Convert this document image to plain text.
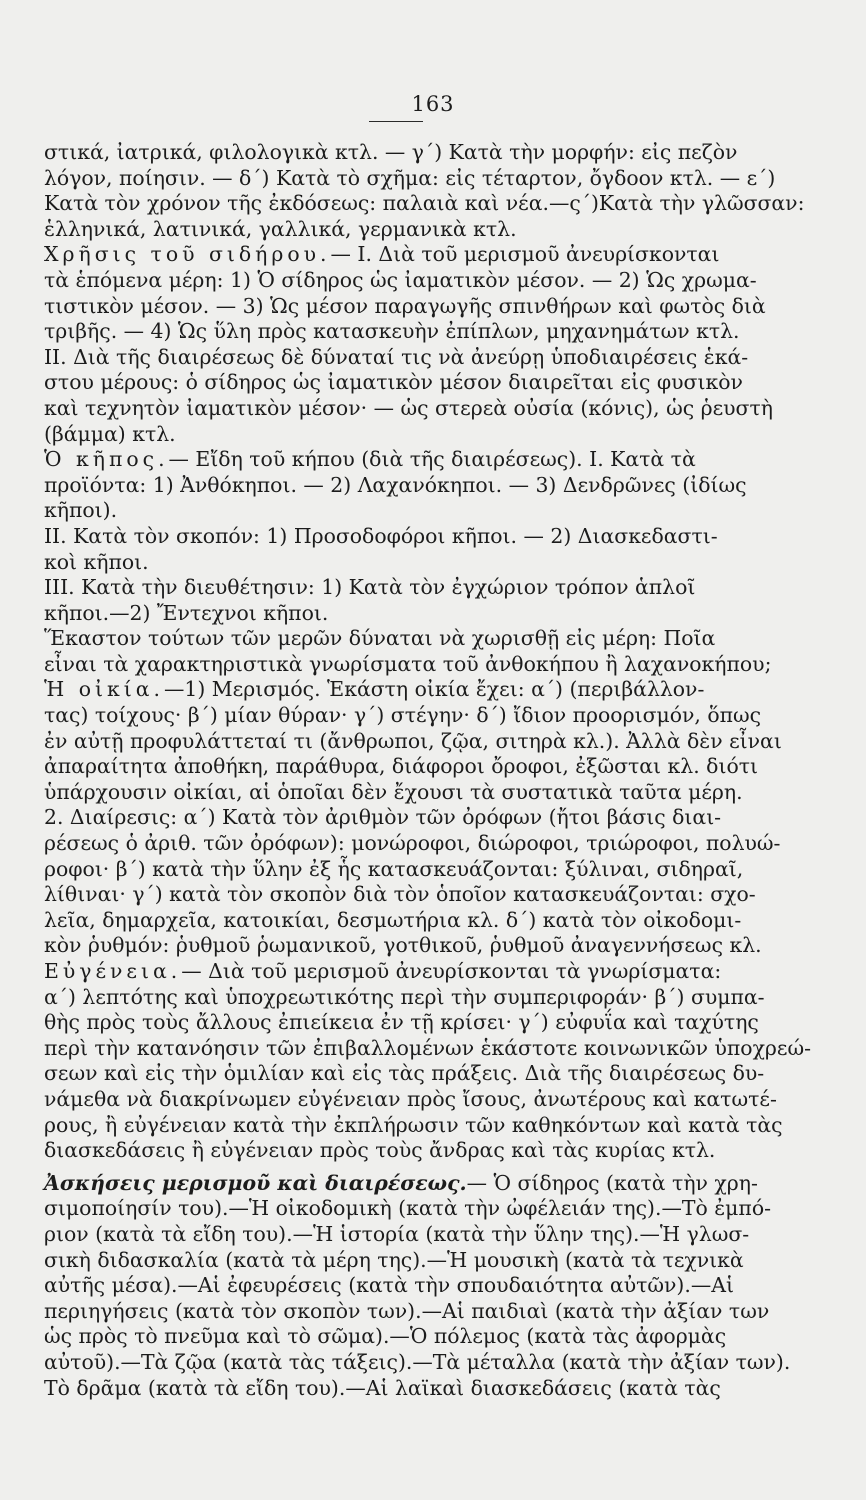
163
στικά, ἰατρικά, φιλολογικὰ κτλ. — γ΄) Κατὰ τὴν μορφήν: εἰς πεζὸν
λόγον, ποίησιν. — δ΄) Κατὰ τὸ σχῆμα: εἰς τέταρτον, ὄγδοον κτλ. — ε΄)
Κατὰ τὸν χρόνον τῆς ἐκδόσεως: παλαιὰ καὶ νέα.—ς΄)Κατὰ τὴν γλῶσσαν:
ἑλληνικά, λατινικά, γαλλικά, γερμανικὰ κτλ.
Χρῆσις τοῦ σιδήρου.— Ι. Διὰ τοῦ μερισμοῦ ἀνευρίσκονται
τὰ ἑπόμενα μέρη: 1) Ὁ σίδηρος ὡς ἰαματικὸν μέσον. — 2) Ὡς χρωμα-
τιστικὸν μέσον. — 3) Ὡς μέσον παραγωγῆς σπινθήρων καὶ φωτὸς διὰ
τριβῆς. — 4) Ὡς ὕλη πρὸς κατασκευὴν ἐπίπλων, μηχανημάτων κτλ.
ΙΙ. Διὰ τῆς διαιρέσεως δὲ δύναταί τις νὰ ἀνεύρῃ ὑποδιαιρέσεις ἑκά-
στου μέρους: ὁ σίδηρος ὡς ἰαματικὸν μέσον διαιρεῖται εἰς φυσικὸν
καὶ τεχνητὸν ἰαματικὸν μέσον· — ὡς στερεὰ οὐσία (κόνις), ὡς ῥευστὴ
(βάμμα) κτλ.
Ὁ κῆπος.— Εἴδη τοῦ κήπου (διὰ τῆς διαιρέσεως). Ι. Κατὰ τὰ
προϊόντα: 1) Ἀνθόκηποι. — 2) Λαχανόκηποι. — 3) Δενδρῶνες (ἰδίως
κῆποι).
ΙΙ. Κατὰ τὸν σκοπόν: 1) Προσοδοφόροι κῆποι. — 2) Διασκεδαστι-
κοὶ κῆποι.
ΙΙΙ. Κατὰ τὴν διευθέτησιν: 1) Κατὰ τὸν ἐγχώριον τρόπον ἁπλοῖ
κῆποι.—2) Ἔντεχνοι κῆποι.
Ἕκαστον τούτων τῶν μερῶν δύναται νὰ χωρισθῇ εἰς μέρη: Ποῖα
εἶναι τὰ χαρακτηριστικὰ γνωρίσματα τοῦ ἀνθοκήπου ἢ λαχανοκήπου;
Ἡ οἰκία.—1) Μερισμός. Ἑκάστη οἰκία ἔχει: α΄) (περιβάλλον-
τας) τοίχους· β΄) μίαν θύραν· γ΄) στέγην· δ΄) ἴδιον προορισμόν, ὅπως
ἐν αὐτῇ προφυλάττεταί τι (ἄνθρωποι, ζῷα, σιτηρὰ κλ.). Ἀλλὰ δὲν εἶναι
ἀπαραίτητα ἀποθήκη, παράθυρα, διάφοροι ὄροφοι, ἐξῶσται κλ. διότι
ὑπάρχουσιν οἰκίαι, αἱ ὁποῖαι δὲν ἔχουσι τὰ συστατικὰ ταῦτα μέρη.
2. Διαίρεσις: α΄) Κατὰ τὸν ἀριθμὸν τῶν ὀρόφων (ἤτοι βάσις διαι-
ρέσεως ὁ ἀριθ. τῶν ὀρόφων): μονώροφοι, διώροφοι, τριώροφοι, πολυώ-
ροφοι· β΄) κατὰ τὴν ὕλην ἐξ ἧς κατασκευάζονται: ξύλιναι, σιδηραῖ,
λίθιναι· γ΄) κατὰ τὸν σκοπὸν διὰ τὸν ὁποῖον κατασκευάζονται: σχο-
λεῖα, δημαρχεῖα, κατοικίαι, δεσμωτήρια κλ. δ΄) κατὰ τὸν οἰκοδομι-
κὸν ῥυθμόν: ῥυθμοῦ ῥωμανικοῦ, γοτθικοῦ, ῥυθμοῦ ἀναγεννήσεως κλ.
Εὐγένεια.— Διὰ τοῦ μερισμοῦ ἀνευρίσκονται τὰ γνωρίσματα:
α΄) λεπτότης καὶ ὑποχρεωτικότης περὶ τὴν συμπεριφοράν· β΄) συμπα-
θὴς πρὸς τοὺς ἄλλους ἐπιείκεια ἐν τῇ κρίσει· γ΄) εὐφυΐα καὶ ταχύτης
περὶ τὴν κατανόησιν τῶν ἐπιβαλλομένων ἑκάστοτε κοινωνικῶν ὑποχρεώ-
σεων καὶ εἰς τὴν ὁμιλίαν καὶ εἰς τὰς πράξεις. Διὰ τῆς διαιρέσεως δυ-
νάμεθα νὰ διακρίνωμεν εὐγένειαν πρὸς ἴσους, ἀνωτέρους καὶ κατωτέ-
ρους, ἢ εὐγένειαν κατὰ τὴν ἐκπλήρωσιν τῶν καθηκόντων καὶ κατὰ τὰς
διασκεδάσεις ἢ εὐγένειαν πρὸς τοὺς ἄνδρας καὶ τὰς κυρίας κτλ.
Ἀσκήσεις μερισμοῦ καὶ διαιρέσεως.— Ὁ σίδηρος (κατὰ τὴν χρη-
σιμοποίησίν του).—Ἡ οἰκοδομικὴ (κατὰ τὴν ὠφέλειάν της).—Τὸ ἐμπό-
ριον (κατὰ τὰ εἴδη του).—Ἡ ἱστορία (κατὰ τὴν ὕλην της).—Ἡ γλωσ-
σικὴ διδασκαλία (κατὰ τὰ μέρη της).—Ἡ μουσικὴ (κατὰ τὰ τεχνικὰ
αὐτῆς μέσα).—Αἱ ἐφευρέσεις (κατὰ τὴν σπουδαιότητα αὐτῶν).—Αἱ
περιηγήσεις (κατὰ τὸν σκοπὸν των).—Αἱ παιδιαὶ (κατὰ τὴν ἀξίαν των
ὡς πρὸς τὸ πνεῦμα καὶ τὸ σῶμα).—Ὁ πόλεμος (κατὰ τὰς ἀφορμὰς
αὐτοῦ).—Τὰ ζῷα (κατὰ τὰς τάξεις).—Τὰ μέταλλα (κατὰ τὴν ἀξίαν των).
Τὸ δρᾶμα (κατὰ τὰ εἴδη του).—Αἱ λαϊκαὶ διασκεδάσεις (κατὰ τὰς
